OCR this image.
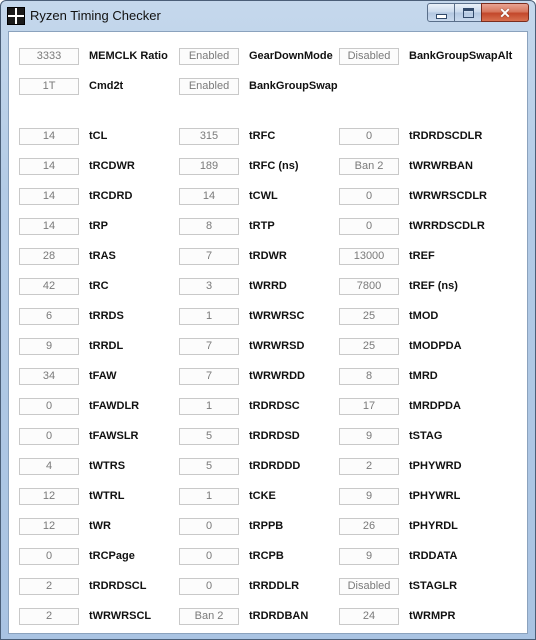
Ryzen Timing Checker	✕
3333	MEMCLK Ratio	Enabled	GearDownMode	Disabled	BankGroupSwapAlt
1T	Cmd2t	Enabled	BankGroupSwap
14	tCL	315	tRFC	0	tRDRDSCDLR
14	tRCDWR	189	tRFC (ns)	Ban 2	tWRWRBAN
14	tRCDRD	14	tCWL	0	tWRWRSCDLR
14	tRP	8	tRTP	0	tWRRDSCDLR
28	tRAS	7	tRDWR	13000	tREF
42	tRC	3	tWRRD	7800	tREF (ns)
6	tRRDS	1	tWRWRSC	25	tMOD
9	tRRDL	7	tWRWRSD	25	tMODPDA
34	tFAW	7	tWRWRDD	8	tMRD
0	tFAWDLR	1	tRDRDSC	17	tMRDPDA
0	tFAWSLR	5	tRDRDSD	9	tSTAG
4	tWTRS	5	tRDRDDD	2	tPHYWRD
12	tWTRL	1	tCKE	9	tPHYWRL
12	tWR	0	tRPPB	26	tPHYRDL
0	tRCPage	0	tRCPB	9	tRDDATA
2	tRDRDSCL	0	tRRDDLR	Disabled	tSTAGLR
2	tWRWRSCL	Ban 2	tRDRDBAN	24	tWRMPR
